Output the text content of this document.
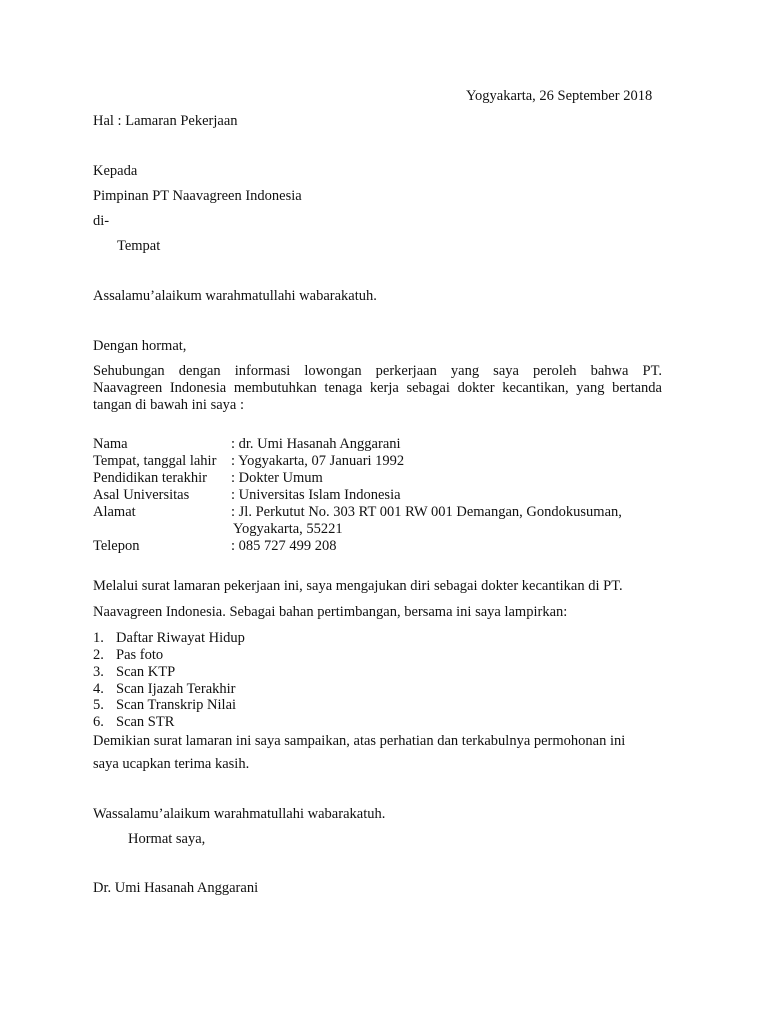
Yogyakarta, 26 September 2018
Hal : Lamaran Pekerjaan
Kepada
Pimpinan PT Naavagreen Indonesia
di-
Tempat
Assalamu’alaikum warahmatullahi wabarakatuh.
Dengan hormat,
Sehubungan dengan informasi lowongan perkerjaan yang saya peroleh bahwa PT.
Naavagreen Indonesia membutuhkan tenaga kerja sebagai dokter kecantikan, yang bertanda
tangan di bawah ini saya :
Nama	: dr. Umi Hasanah Anggarani
Tempat, tanggal lahir : Yogyakarta, 07 Januari 1992
Pendidikan terakhir : Dokter Umum
Asal Universitas	: Universitas Islam Indonesia
Alamat	: Jl. Perkutut No. 303 RT 001 RW 001 Demangan, Gondokusuman,
Yogyakarta, 55221
Telepon	: 085 727 499 208
Melalui surat lamaran pekerjaan ini, saya mengajukan diri sebagai dokter kecantikan di PT.
Naavagreen Indonesia. Sebagai bahan pertimbangan, bersama ini saya lampirkan:
1. Daftar Riwayat Hidup
2. Pas foto
3. Scan KTP
4. Scan Ijazah Terakhir
5. Scan Transkrip Nilai
6. Scan STR
Demikian surat lamaran ini saya sampaikan, atas perhatian dan terkabulnya permohonan ini
saya ucapkan terima kasih.
Wassalamu’alaikum warahmatullahi wabarakatuh.
Hormat saya,
Dr. Umi Hasanah Anggarani
